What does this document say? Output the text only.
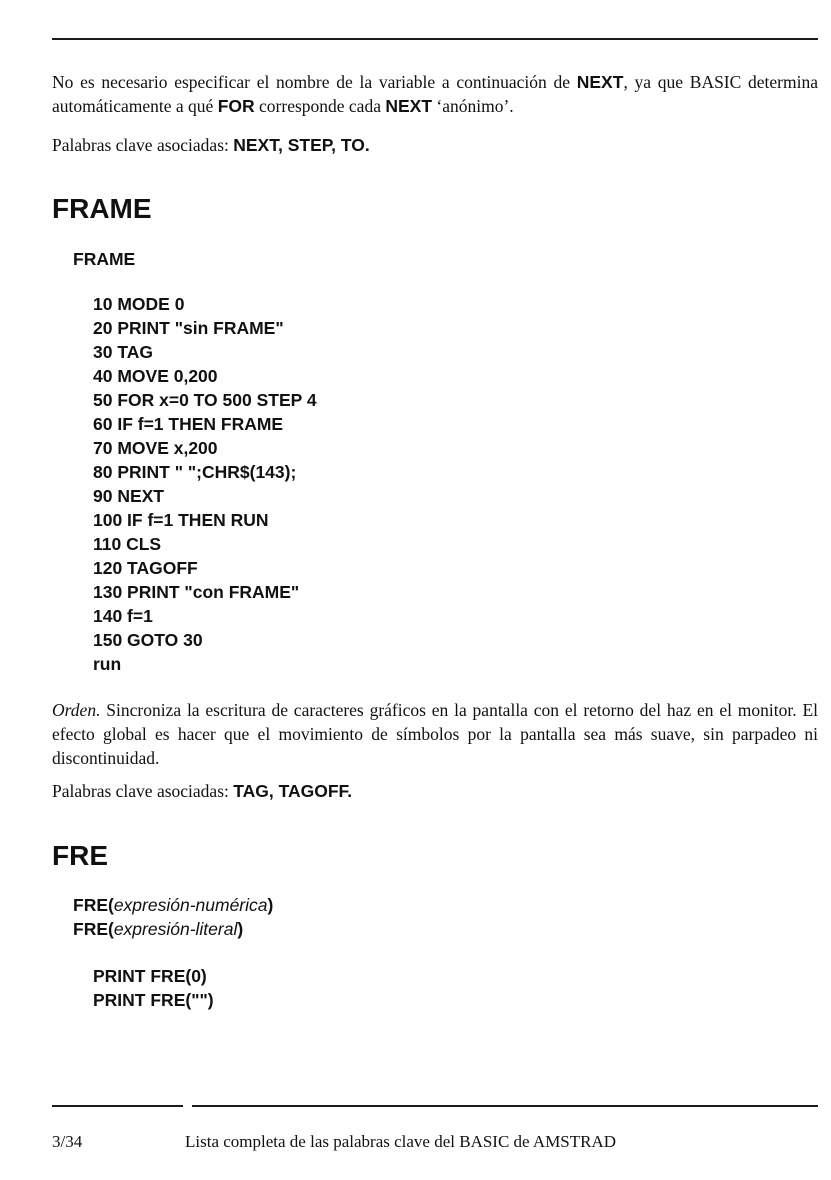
No es necesario especificar el nombre de la variable a continuación de NEXT, ya que BASIC determina automáticamente a qué FOR corresponde cada NEXT ‘anónimo’.

Palabras clave asociadas: NEXT, STEP, TO.

FRAME
FRAME
10 MODE 0
20 PRINT "sin FRAME"
30 TAG
40 MOVE 0,200
50 FOR x=0 TO 500 STEP 4
60 IF f=1 THEN FRAME
70 MOVE x,200
80 PRINT " ";CHR$(143);
90 NEXT
100 IF f=1 THEN RUN
110 CLS
120 TAGOFF
130 PRINT "con FRAME"
140 f=1
150 GOTO 30
run

Orden. Sincroniza la escritura de caracteres gráficos en la pantalla con el retorno del haz en el monitor. El efecto global es hacer que el movimiento de símbolos por la pantalla sea más suave, sin parpadeo ni discontinuidad.

Palabras clave asociadas: TAG, TAGOFF.

FRE
FRE(expresión-numérica)
FRE(expresión-literal)
PRINT FRE(0)
PRINT FRE("")
3/34	Lista completa de las palabras clave del BASIC de AMSTRAD
